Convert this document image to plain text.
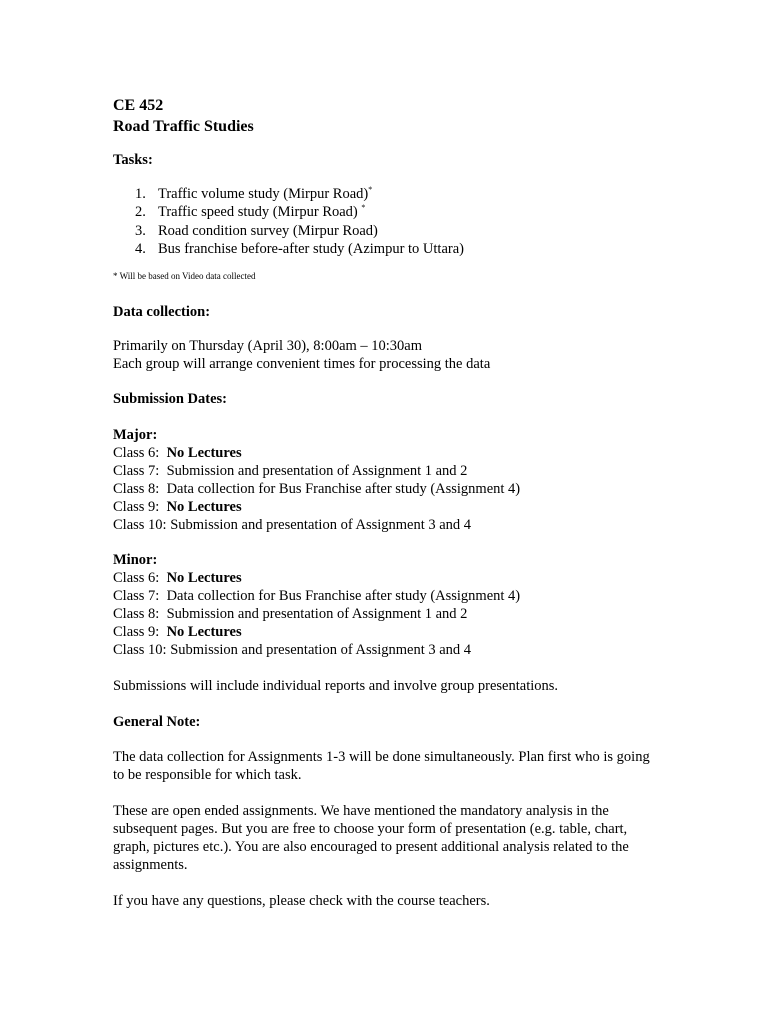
CE 452
Road Traffic Studies
Tasks:
1. Traffic volume study (Mirpur Road)*
2. Traffic speed study (Mirpur Road) *
3. Road condition survey (Mirpur Road)
4. Bus franchise before-after study (Azimpur to Uttara)
* Will be based on Video data collected
Data collection:
Primarily on Thursday (April 30), 8:00am – 10:30am
Each group will arrange convenient times for processing the data
Submission Dates:
Major:
Class 6:  No Lectures
Class 7:  Submission and presentation of Assignment 1 and 2
Class 8:  Data collection for Bus Franchise after study (Assignment 4)
Class 9:  No Lectures
Class 10: Submission and presentation of Assignment 3 and 4
Minor:
Class 6:  No Lectures
Class 7:  Data collection for Bus Franchise after study (Assignment 4)
Class 8:  Submission and presentation of Assignment 1 and 2
Class 9:  No Lectures
Class 10: Submission and presentation of Assignment 3 and 4
Submissions will include individual reports and involve group presentations.
General Note:
The data collection for Assignments 1-3 will be done simultaneously. Plan first who is going to be responsible for which task.
These are open ended assignments. We have mentioned the mandatory analysis in the subsequent pages. But you are free to choose your form of presentation (e.g. table, chart, graph, pictures etc.). You are also encouraged to present additional analysis related to the assignments.
If you have any questions, please check with the course teachers.
